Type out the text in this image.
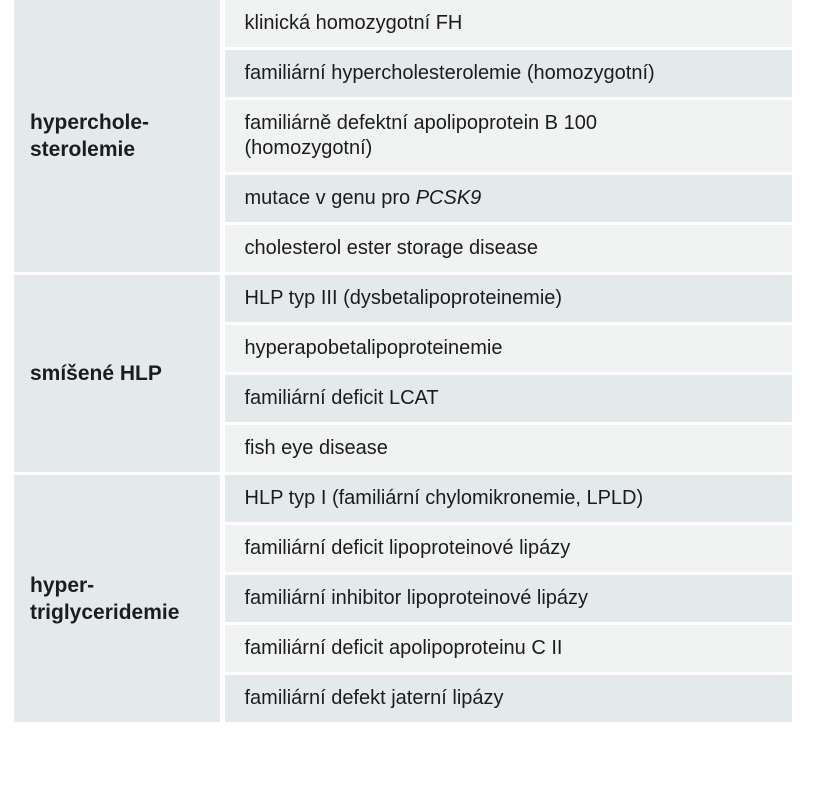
hyperchole-
sterolemie	klinická homozygotní FH
	familiární hypercholesterolemie (homozygotní)
	familiárně defektní apolipoprotein B 100
(homozygotní)
	mutace v genu pro PCSK9
	cholesterol ester storage disease
smíšené HLP	HLP typ III (dysbetalipoproteinemie)
	hyperapobetalipoproteinemie
	familiární deficit LCAT
	fish eye disease
hyper-
triglyceridemie	HLP typ I (familiární chylomikronemie, LPLD)
	familiární deficit lipoproteinové lipázy
	familiární inhibitor lipoproteinové lipázy
	familiární deficit apolipoproteinu C II
	familiární defekt jaterní lipázy
